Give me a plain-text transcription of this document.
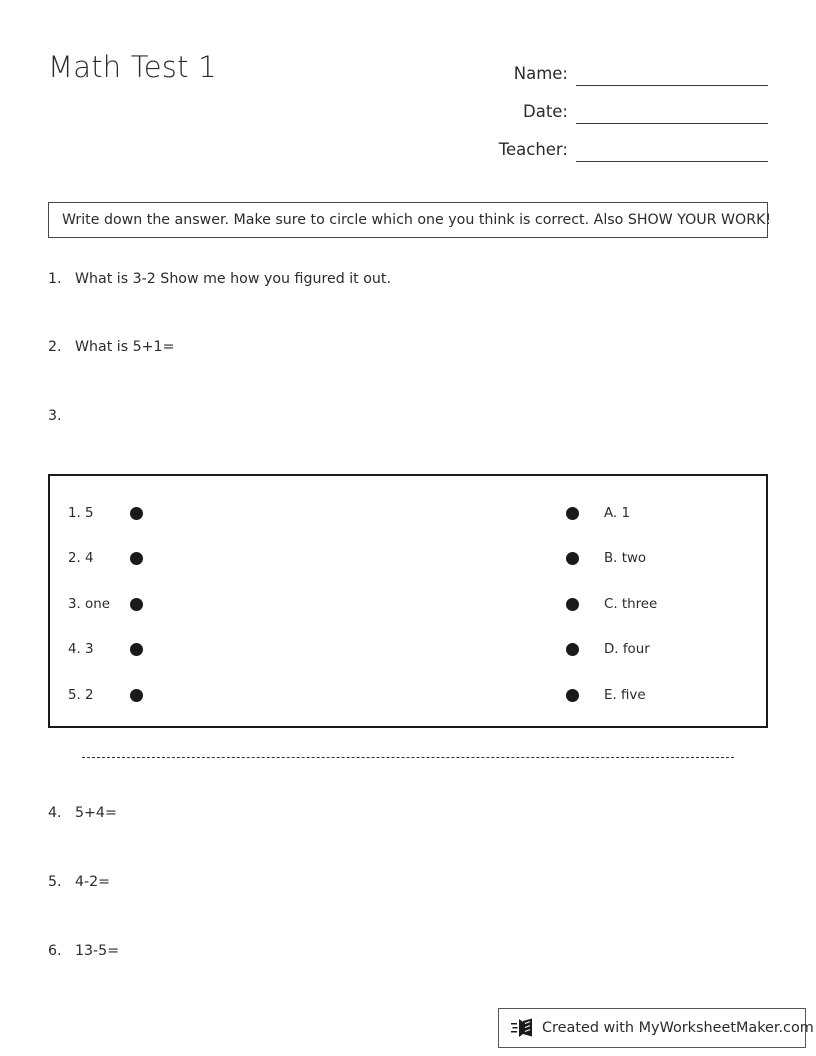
Math Test 1	Name:
Date:
Teacher:
Write down the answer. Make sure to circle which one you think is correct. Also SHOW YOUR WORK!
1. What is 3-2 Show me how you figured it out.
2. What is 5+1=
3.
1. 5
2. 4
3. one
4. 3
5. 2
A. 1
B. two
C. three
D. four
E. five
4. 5+4=
5. 4-2=
6. 13-5=
Created with MyWorksheetMaker.com
